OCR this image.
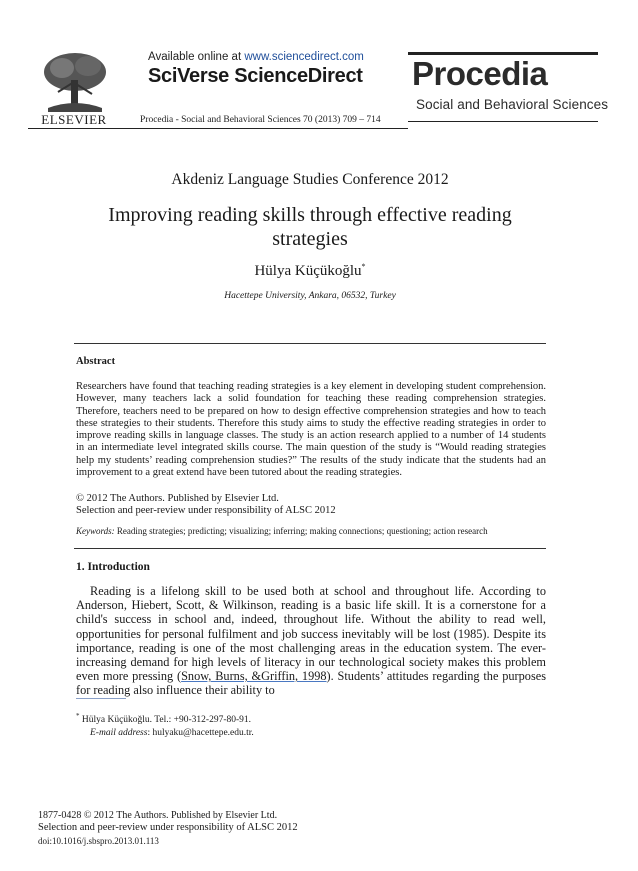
ELSEVIER
Available online at www.sciencedirect.com
SciVerse ScienceDirect
Procedia - Social and Behavioral Sciences 70 (2013) 709 – 714
Procedia
Social and Behavioral Sciences
Akdeniz Language Studies Conference 2012
Improving reading skills through effective reading strategies
Hülya Küçükoğlu*
Hacettepe University, Ankara, 06532, Turkey
Abstract
Researchers have found that teaching reading strategies is a key element in developing student comprehension. However, many teachers lack a solid foundation for teaching these reading comprehension strategies. Therefore, teachers need to be prepared on how to design effective comprehension strategies and how to teach these strategies to their students. Therefore this study aims to study the effective reading strategies in order to improve reading skills in language classes. The study is an action research applied to a number of 14 students in an intermediate level integrated skills course. The main question of the study is “Would reading strategies help my students’ reading comprehension studies?” The results of the study indicate that the students had an improvement to a great extend have been tutored about the reading strategies.
© 2012 The Authors. Published by Elsevier Ltd.
Selection and peer-review under responsibility of ALSC 2012
Keywords: Reading strategies; predicting; visualizing; inferring; making connections; questioning; action research
1. Introduction
Reading is a lifelong skill to be used both at school and throughout life. According to Anderson, Hiebert, Scott, & Wilkinson, reading is a basic life skill. It is a cornerstone for a child's success in school and, indeed, throughout life. Without the ability to read well, opportunities for personal fulfilment and job success inevitably will be lost (1985). Despite its importance, reading is one of the most challenging areas in the education system. The ever-increasing demand for high levels of literacy in our technological society makes this problem even more pressing (Snow, Burns, &Griffin, 1998). Students’ attitudes regarding the purposes for reading also influence their ability to
* Hülya Küçükoğlu. Tel.: +90-312-297-80-91.
E-mail address: hulyaku@hacettepe.edu.tr.
1877-0428 © 2012 The Authors. Published by Elsevier Ltd.
Selection and peer-review under responsibility of ALSC 2012
doi:10.1016/j.sbspro.2013.01.113
